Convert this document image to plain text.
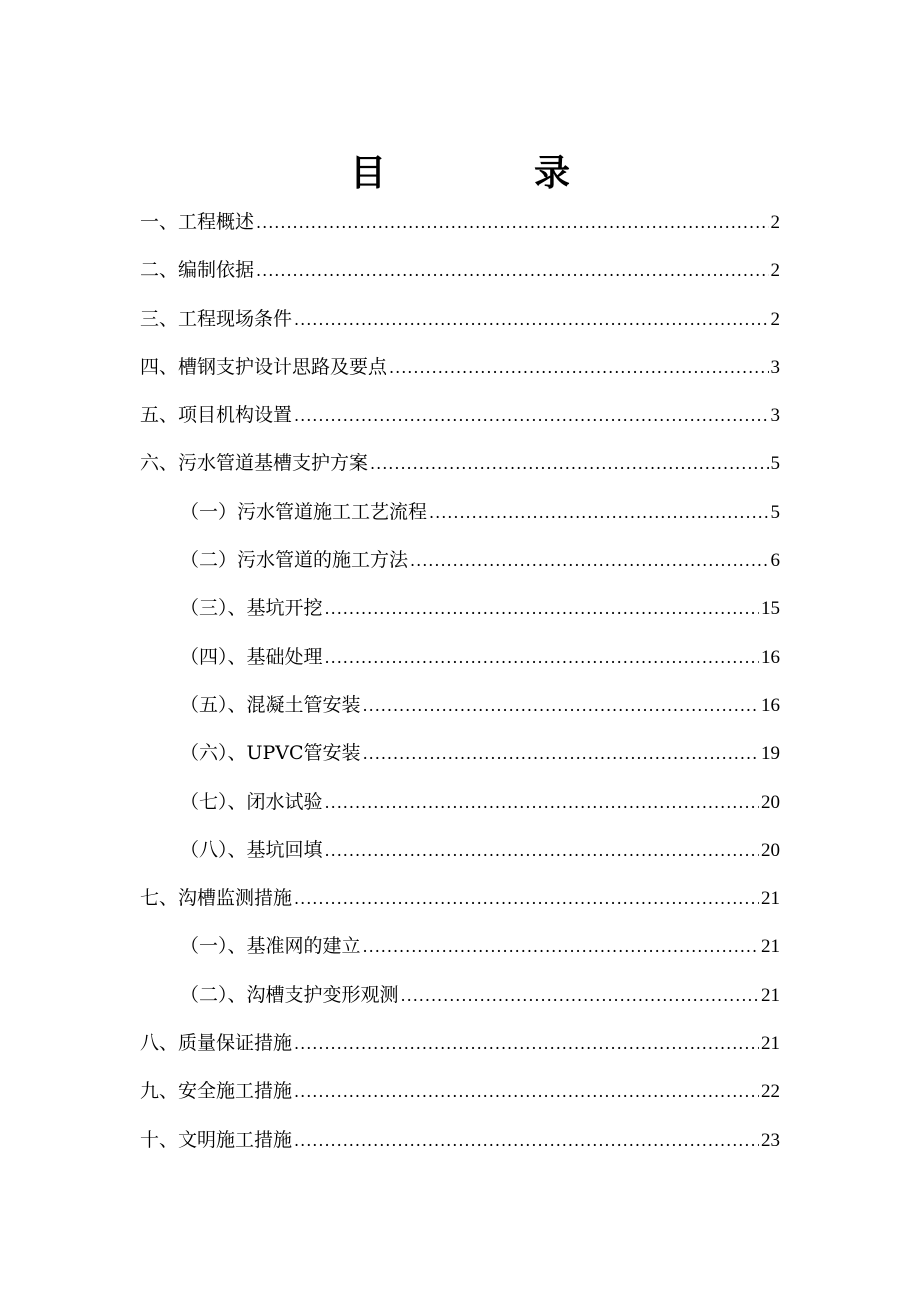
目　录
一、工程概述 .....	2
二、编制依据 .....	2
三、工程现场条件 .....	2
四、槽钢支护设计思路及要点 .....	3
五、项目机构设置 .....	3
六、污水管道基槽支护方案 .....	5
（一）污水管道施工工艺流程 .....	5
（二）污水管道的施工方法 .....	6
（三）、基坑开挖 .....	15
（四）、基础处理 .....	16
（五）、混凝土管安装 .....	16
（六）、UPVC管安装 .....	19
（七）、闭水试验 .....	20
（八）、基坑回填 .....	20
七、沟槽监测措施 .....	21
（一）、基准网的建立 .....	21
（二）、沟槽支护变形观测 .....	21
八、质量保证措施 .....	21
九、安全施工措施 .....	22
十、文明施工措施 .....	23
